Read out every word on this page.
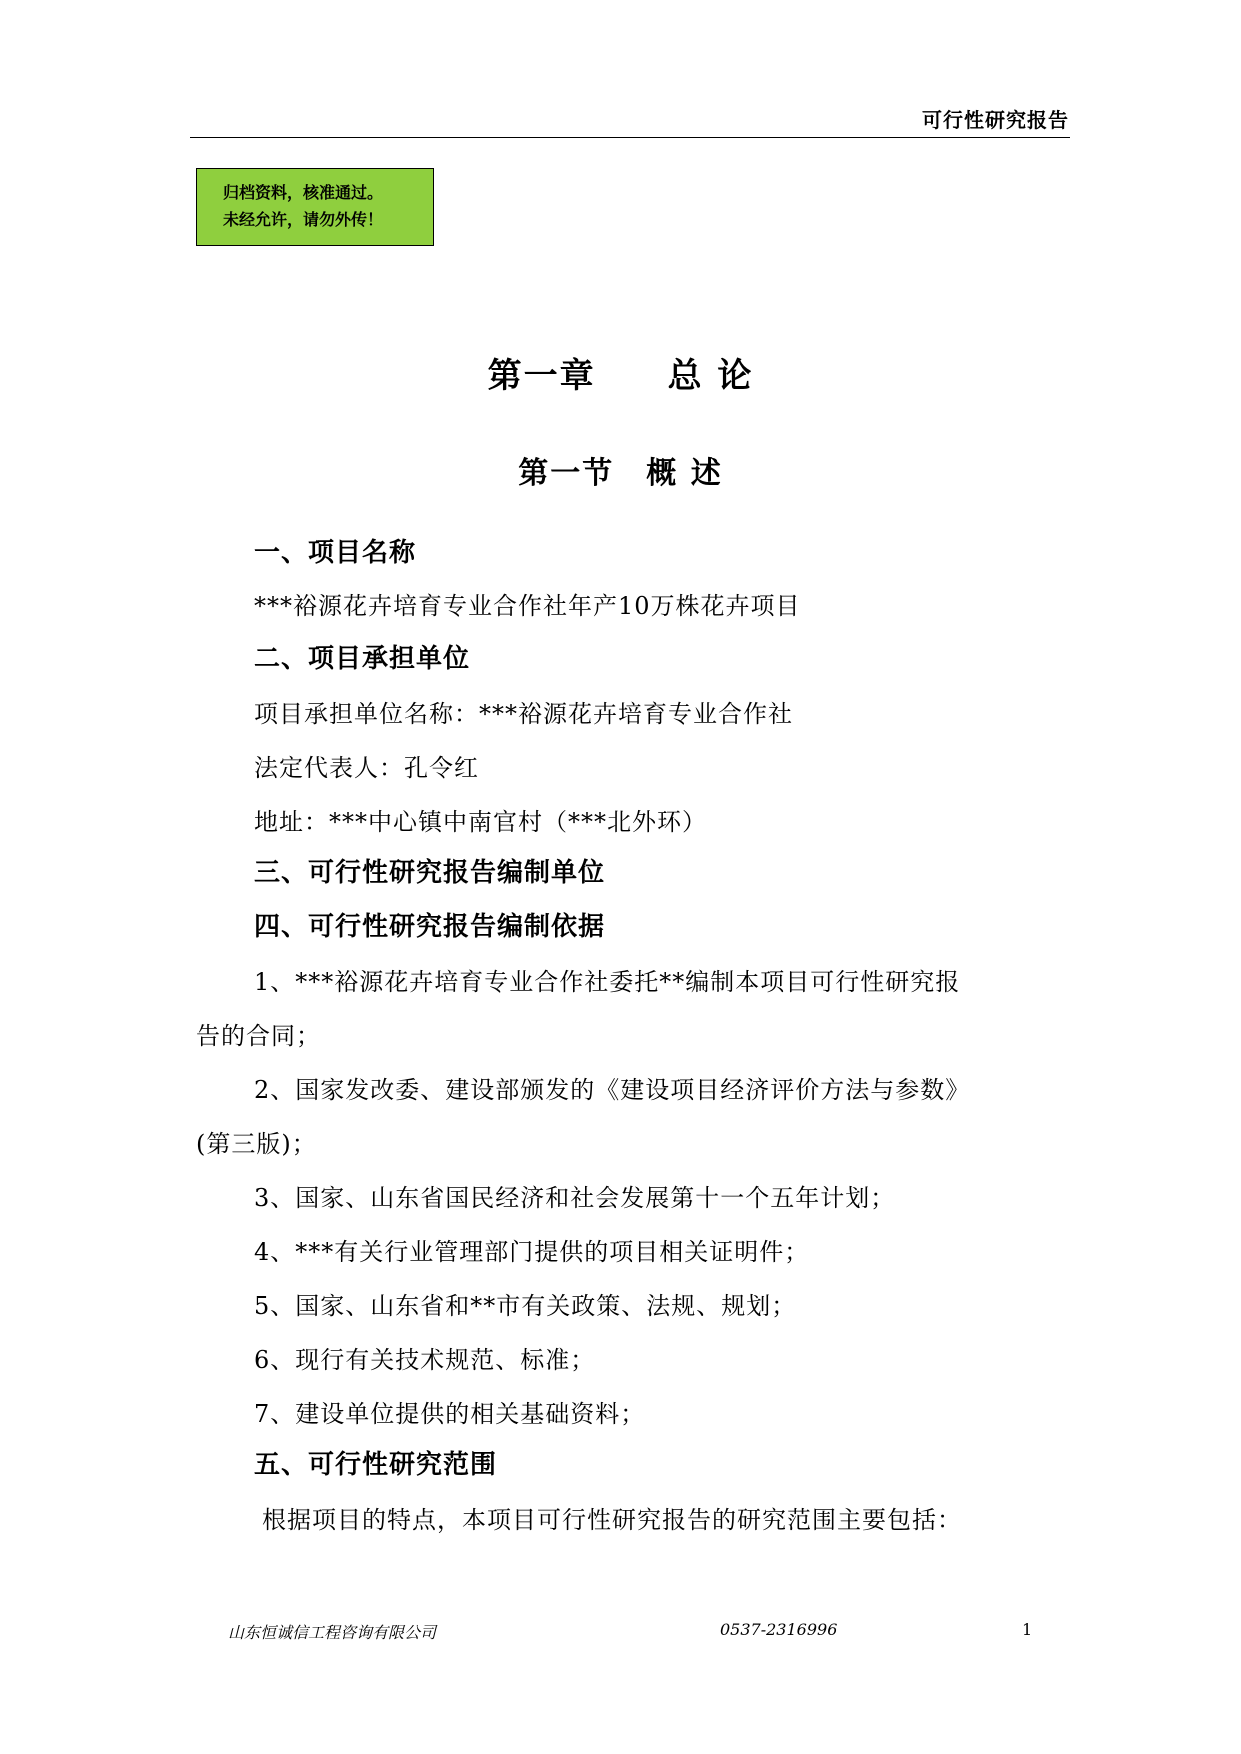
可行性研究报告
归档资料，核准通过。
未经允许，请勿外传！
第一章　　总 论
第一节　概 述
一、项目名称
***裕源花卉培育专业合作社年产10万株花卉项目
二、项目承担单位
项目承担单位名称：***裕源花卉培育专业合作社
法定代表人：孔令红
地址：***中心镇中南官村（***北外环）
三、可行性研究报告编制单位
四、可行性研究报告编制依据
1、***裕源花卉培育专业合作社委托**编制本项目可行性研究报
告的合同；
2、国家发改委、建设部颁发的《建设项目经济评价方法与参数》
(第三版)；
3、国家、山东省国民经济和社会发展第十一个五年计划；
4、***有关行业管理部门提供的项目相关证明件；
5、国家、山东省和**市有关政策、法规、规划；
6、现行有关技术规范、标准；
7、建设单位提供的相关基础资料；
五、可行性研究范围
根据项目的特点，本项目可行性研究报告的研究范围主要包括：
山东恒诚信工程咨询有限公司	0537-2316996	1
